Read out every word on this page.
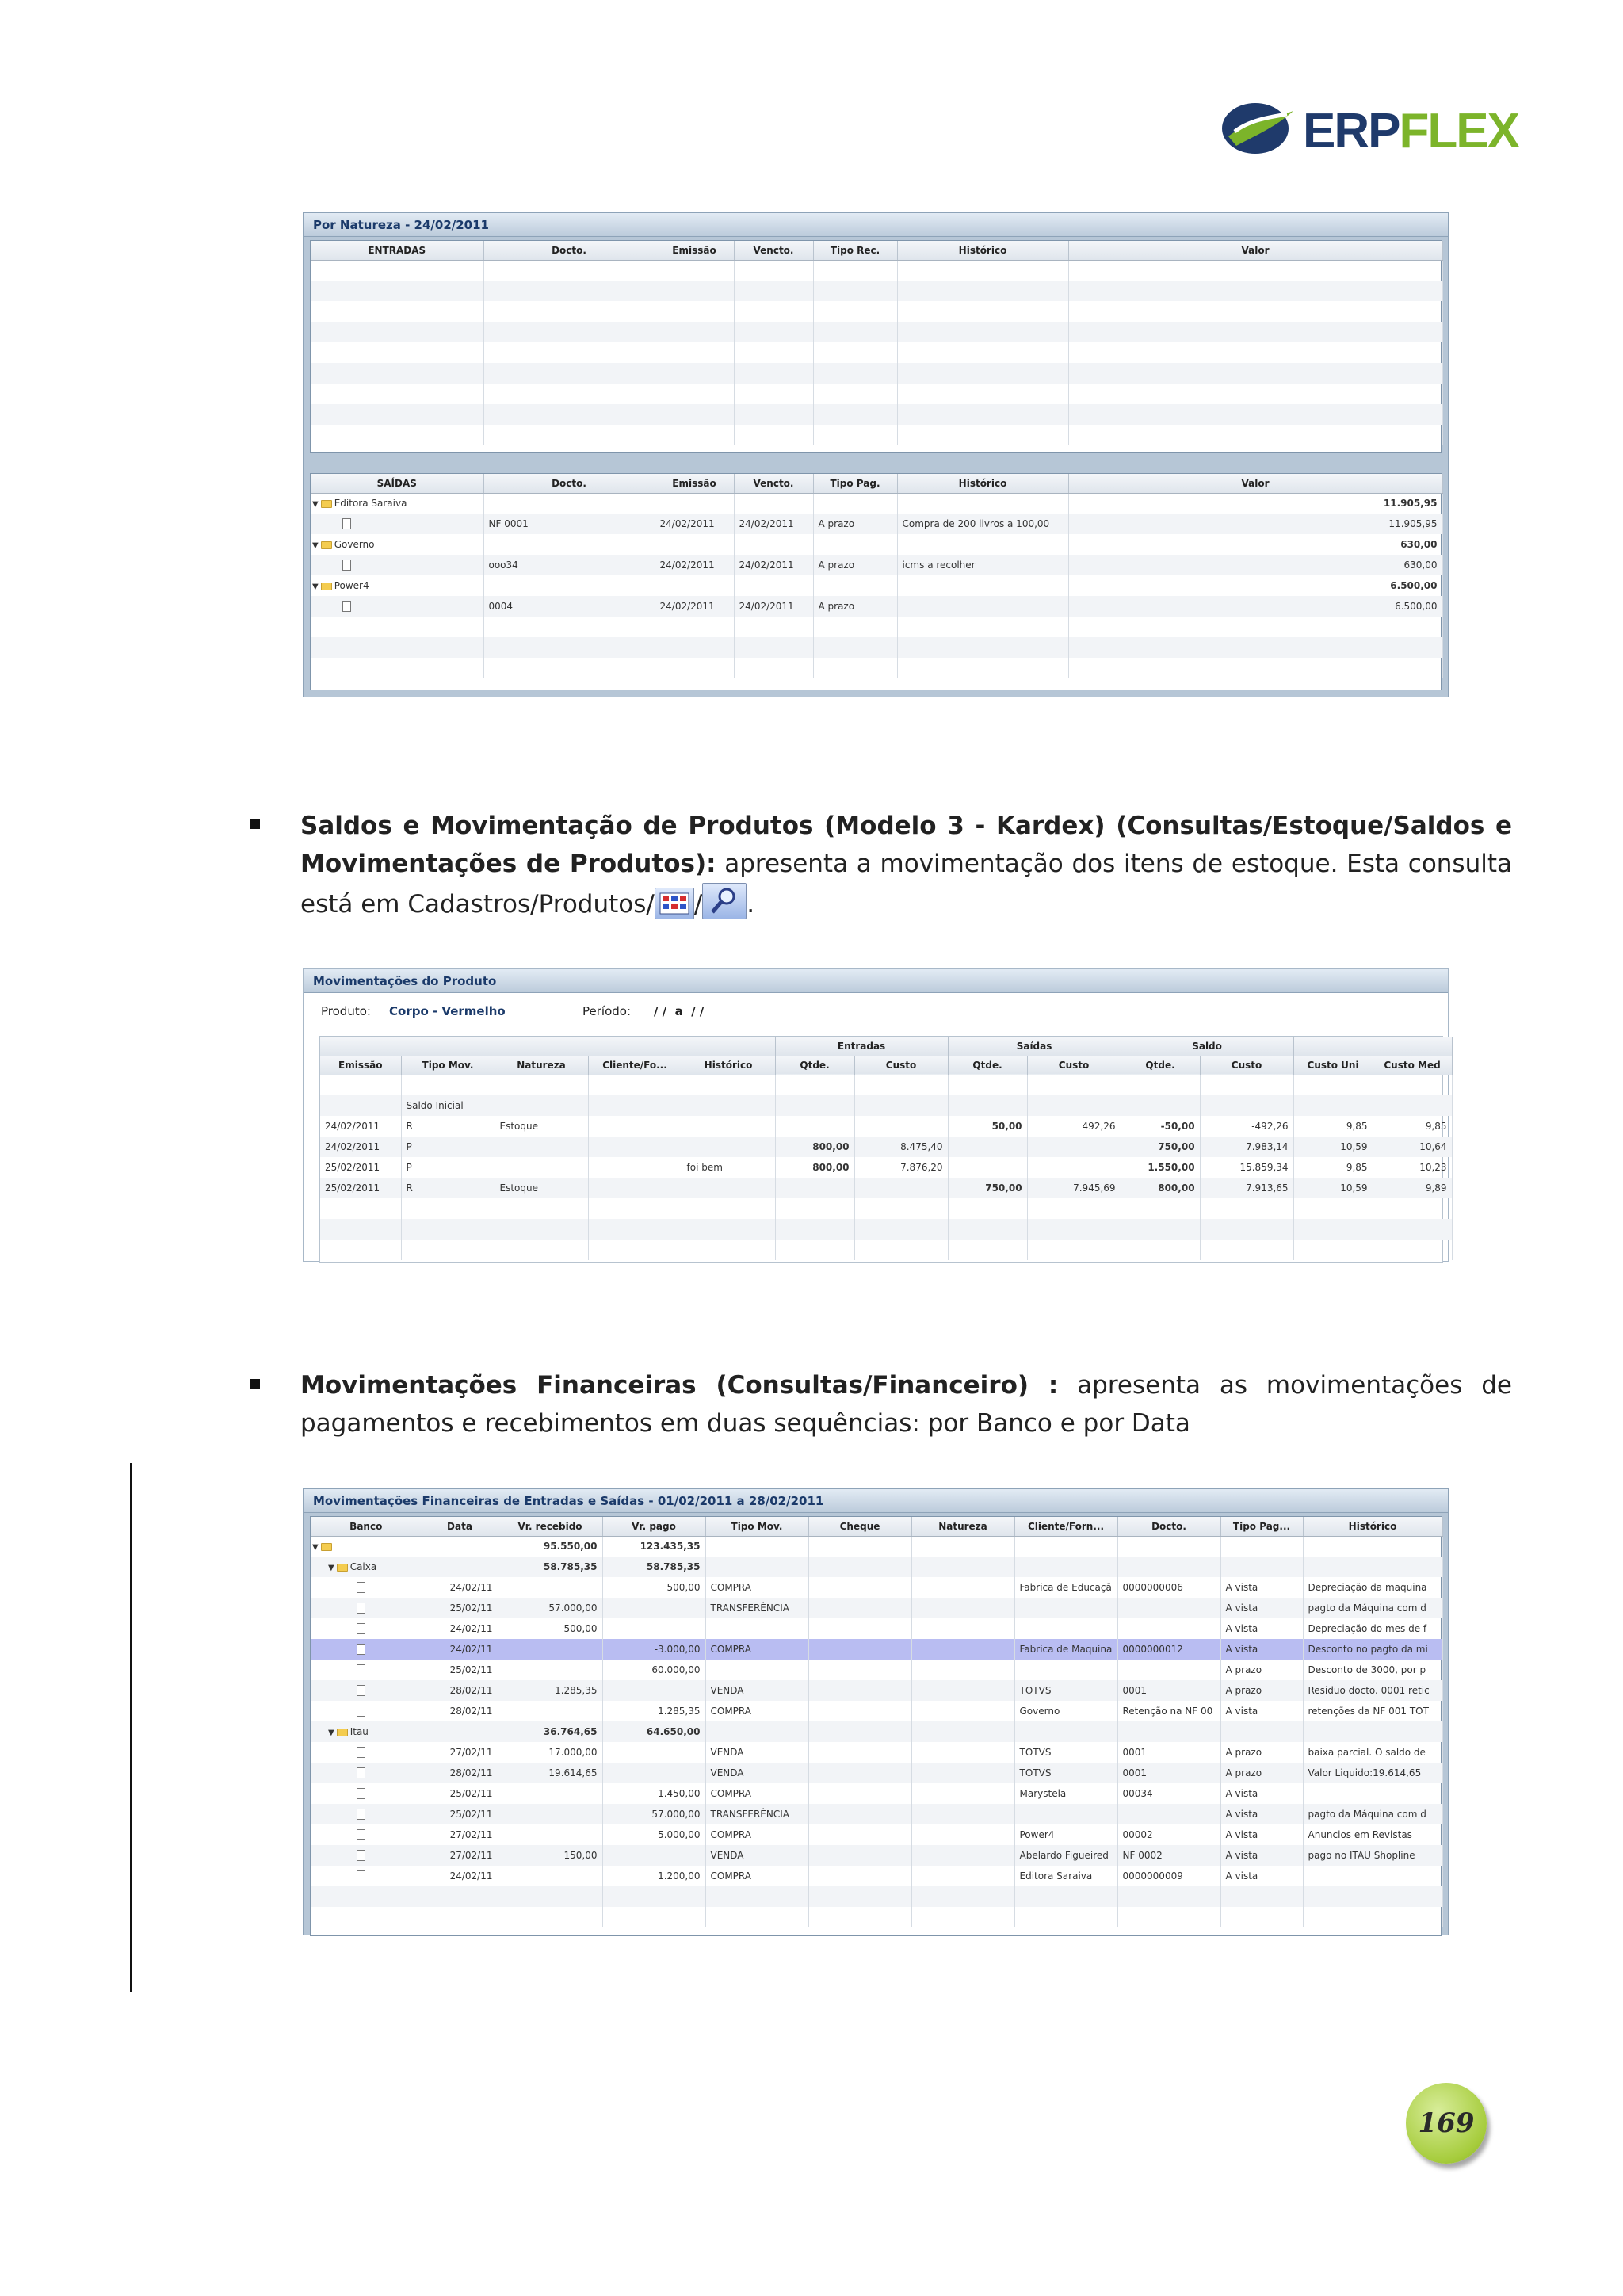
ERPFLEX
Por Natureza - 24/02/2011
ENTRADAS	Docto.	Emissão	Vencto.	Tipo Rec.	Histórico	Valor

SAÍDAS	Docto.	Emissão	Vencto.	Tipo Pag.	Histórico	Valor
▼ Editora Saraiva						11.905,95
	NF 0001	24/02/2011	24/02/2011	A prazo	Compra de 200 livros a 100,00	11.905,95
▼ Governo						630,00
	ooo34	24/02/2011	24/02/2011	A prazo	icms a recolher	630,00
▼ Power4						6.500,00
	0004	24/02/2011	24/02/2011	A prazo		6.500,00

Saldos e Movimentação de Produtos (Modelo 3 - Kardex) (Consultas/Estoque/Saldos e Movimentações de Produtos): apresenta a movimentação dos itens de estoque. Esta consulta está em Cadastros/Produtos/ / .
Movimentações do Produto
Produto: Corpo - Vermelho	Período: / /  a  / /
					Entradas		Saídas		Saldo			
Emissão	Tipo Mov.	Natureza	Cliente/Fo...	Histórico	Qtde.	Custo	Qtde.	Custo	Qtde.	Custo	Custo Uni	Custo Med

	Saldo Inicial											
24/02/2011	R	Estoque					50,00	492,26	-50,00	-492,26	9,85	9,85
24/02/2011	P				800,00	8.475,40			750,00	7.983,14	10,59	10,64
25/02/2011	P			foi bem	800,00	7.876,20			1.550,00	15.859,34	9,85	10,23
25/02/2011	R	Estoque					750,00	7.945,69	800,00	7.913,65	10,59	9,89

Movimentações Financeiras (Consultas/Financeiro) : apresenta as movimentações de pagamentos e recebimentos em duas sequências: por Banco e por Data
Movimentações Financeiras de Entradas e Saídas - 01/02/2011 a 28/02/2011
Banco	Data	Vr. recebido	Vr. pago	Tipo Mov.	Cheque	Natureza	Cliente/Forn...	Docto.	Tipo Pag...	Histórico
▼		95.550,00	123.435,35							
▼ Caixa		58.785,35	58.785,35							
	24/02/11		500,00	COMPRA			Fabrica de Educaçã	0000000006	A vista	Depreciação da maquina
	25/02/11	57.000,00		TRANSFERÊNCIA					A vista	pagto da Máquina com d
	24/02/11	500,00							A vista	Depreciação do mes de f
	24/02/11		-3.000,00	COMPRA			Fabrica de Maquina	0000000012	A vista	Desconto no pagto da mi
	25/02/11		60.000,00						A prazo	Desconto de 3000, por p
	28/02/11	1.285,35		VENDA			TOTVS	0001	A prazo	Residuo docto. 0001 retic
	28/02/11		1.285,35	COMPRA			Governo	Retenção na NF 00	A vista	retenções da NF 001 TOT
▼ Itau		36.764,65	64.650,00							
	27/02/11	17.000,00		VENDA			TOTVS	0001	A prazo	baixa parcial. O saldo de
	28/02/11	19.614,65		VENDA			TOTVS	0001	A prazo	Valor Liquido:19.614,65
	25/02/11		1.450,00	COMPRA			Marystela	00034	A vista	
	25/02/11		57.000,00	TRANSFERÊNCIA					A vista	pagto da Máquina com d
	27/02/11		5.000,00	COMPRA			Power4	00002	A vista	Anuncios em Revistas
	27/02/11	150,00		VENDA			Abelardo Figueired	NF 0002	A vista	pago no ITAU Shopline
	24/02/11		1.200,00	COMPRA			Editora Saraiva	0000000009	A vista	

169
